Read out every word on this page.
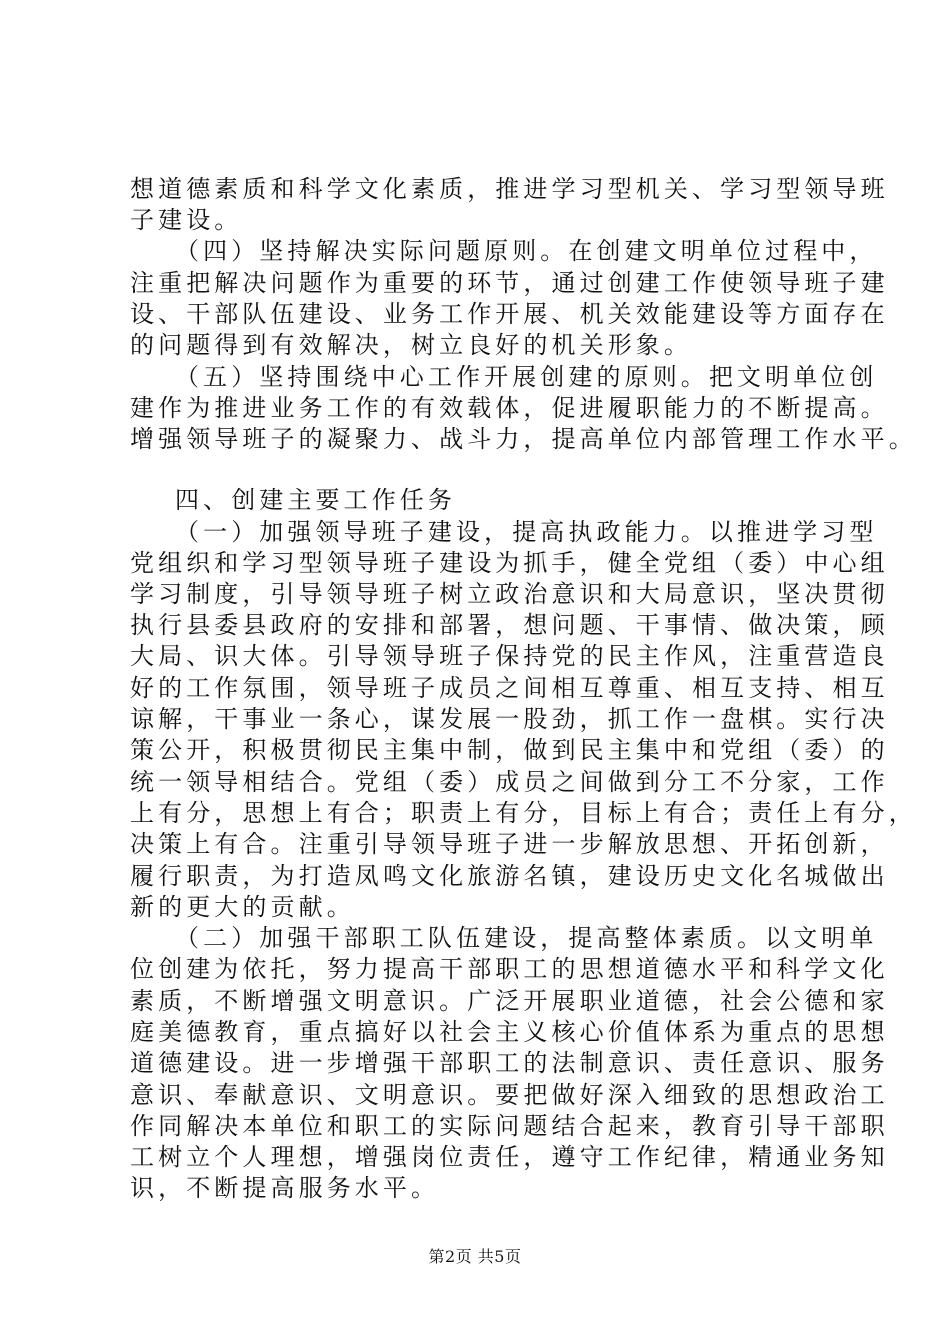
想道德素质和科学文化素质，推进学习型机关、学习型领导班
子建设。
（四）坚持解决实际问题原则。在创建文明单位过程中，
注重把解决问题作为重要的环节，通过创建工作使领导班子建
设、干部队伍建设、业务工作开展、机关效能建设等方面存在
的问题得到有效解决，树立良好的机关形象。
（五）坚持围绕中心工作开展创建的原则。把文明单位创
建作为推进业务工作的有效载体，促进履职能力的不断提高。
增强领导班子的凝聚力、战斗力，提高单位内部管理工作水平。
四、创建主要工作任务
（一）加强领导班子建设，提高执政能力。以推进学习型
党组织和学习型领导班子建设为抓手，健全党组（委）中心组
学习制度，引导领导班子树立政治意识和大局意识，坚决贯彻
执行县委县政府的安排和部署，想问题、干事情、做决策，顾
大局、识大体。引导领导班子保持党的民主作风，注重营造良
好的工作氛围，领导班子成员之间相互尊重、相互支持、相互
谅解，干事业一条心，谋发展一股劲，抓工作一盘棋。实行决
策公开，积极贯彻民主集中制，做到民主集中和党组（委）的
统一领导相结合。党组（委）成员之间做到分工不分家，工作
上有分，思想上有合；职责上有分，目标上有合；责任上有分，
决策上有合。注重引导领导班子进一步解放思想、开拓创新，
履行职责，为打造凤鸣文化旅游名镇，建设历史文化名城做出
新的更大的贡献。
（二）加强干部职工队伍建设，提高整体素质。以文明单
位创建为依托，努力提高干部职工的思想道德水平和科学文化
素质，不断增强文明意识。广泛开展职业道德，社会公德和家
庭美德教育，重点搞好以社会主义核心价值体系为重点的思想
道德建设。进一步增强干部职工的法制意识、责任意识、服务
意识、奉献意识、文明意识。要把做好深入细致的思想政治工
作同解决本单位和职工的实际问题结合起来，教育引导干部职
工树立个人理想，增强岗位责任，遵守工作纪律，精通业务知
识，不断提高服务水平。
第2页 共5页
